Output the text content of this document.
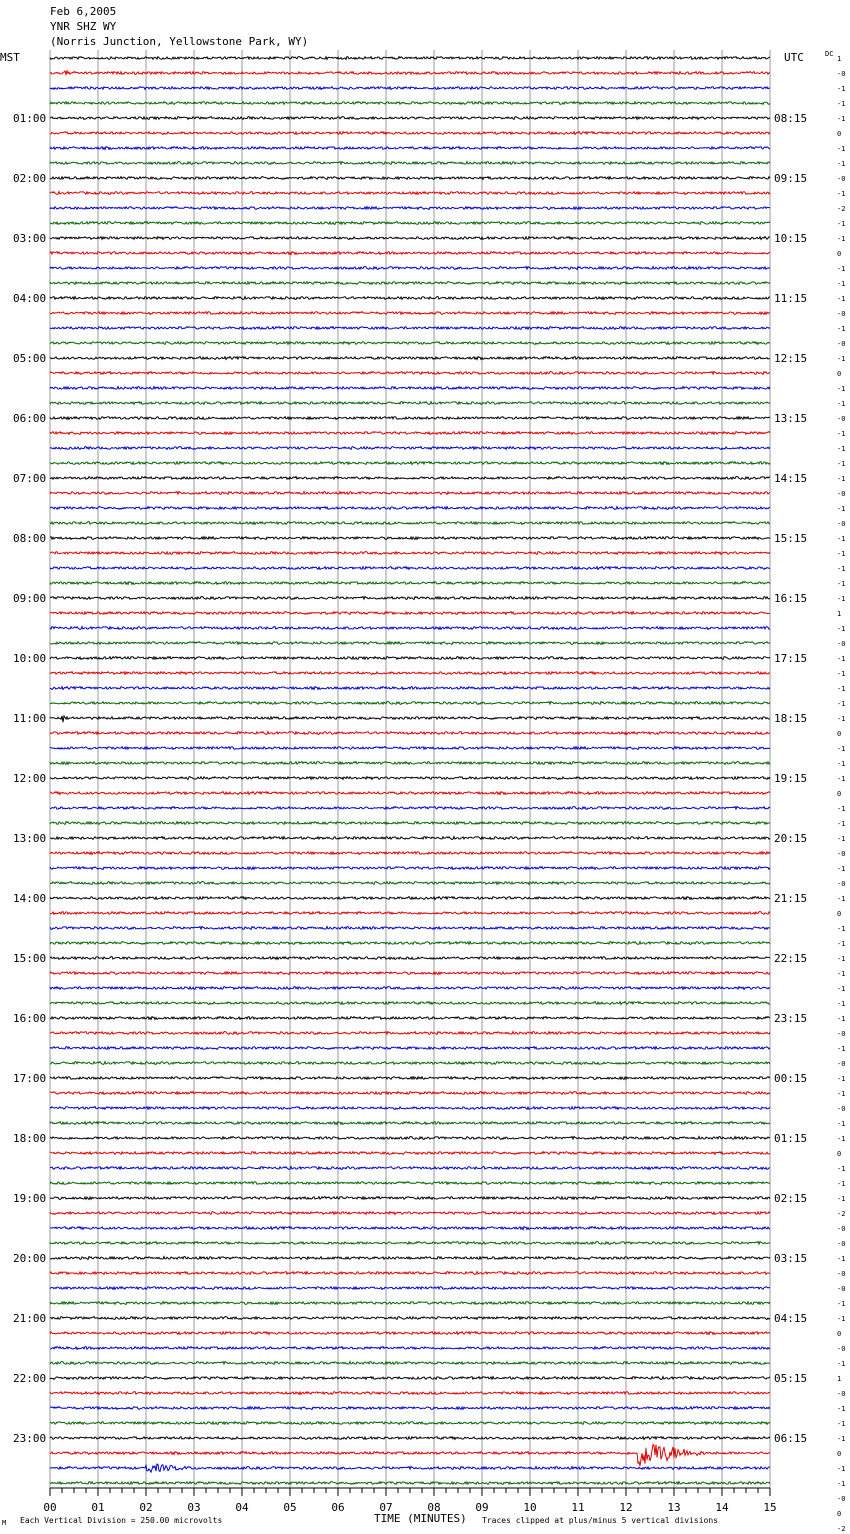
Feb 6,2005
YNR SHZ WY
(Norris Junction, Yellowstone Park, WY)
MST	UTC	DC
01:00
02:00
03:00
04:00
05:00
06:00
07:00
08:00
09:00
10:00
11:00
12:00
13:00
14:00
15:00
16:00
17:00
18:00
19:00
20:00
21:00
22:00
23:00
08:15
09:15
10:15
11:15
12:15
13:15
14:15
15:15
16:15
17:15
18:15
19:15
20:15
21:15
22:15
23:15
00:15
01:15
02:15
03:15
04:15
05:15
06:15
1
-0
-1
-1
-1
0
-1
-1
-0
-1
-2
-1
-1
0
-1
-1
-1
-0
-1
-0
-1
0
-1
-1
-0
-1
-1
-1
-1
-0
-1
-0
-1
-1
-1
-1
-1
1
-1
-0
-1
-1
-1
-1
-1
0
-1
-1
-1
0
-1
-1
-1
-0
-1
-0
-1
0
-1
-1
-1
-1
-1
-1
-1
-0
-1
-0
-1
-1
-0
-1
-1
0
-1
-1
-1
-2
-0
-0
-1
-0
-0
-1
-1
0
-0
-1
1
-0
-1
-1
-1
0
-1
-1
-0
0
-2
00	01	02	03	04	05	06	07	08	09	10	11	12	13	14	15
TIME (MINUTES)
Each Vertical Division = 250.00 microvolts	Traces clipped at plus/minus 5 vertical divisions
M
